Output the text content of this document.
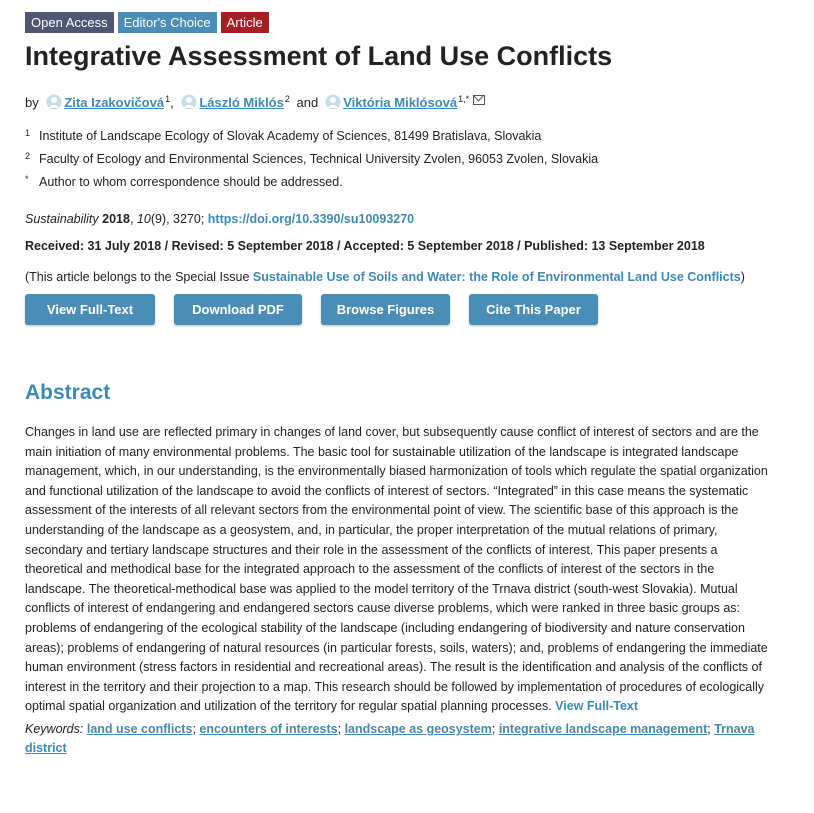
Open Access	Editor's Choice	Article
Integrative Assessment of Land Use Conflicts
by Zita Izakovičová$^1$, László Miklós$^2$ and Viktória Miklósová$^{1,*}$
1 Institute of Landscape Ecology of Slovak Academy of Sciences, 81499 Bratislava, Slovakia
2 Faculty of Ecology and Environmental Sciences, Technical University Zvolen, 96053 Zvolen, Slovakia
* Author to whom correspondence should be addressed.
Sustainability 2018, 10(9), 3270; https://doi.org/10.3390/su10093270
Received: 31 July 2018 / Revised: 5 September 2018 / Accepted: 5 September 2018 / Published: 13 September 2018
(This article belongs to the Special Issue Sustainable Use of Soils and Water: the Role of Environmental Land Use Conflicts)
View Full-Text	Download PDF	Browse Figures	Cite This Paper
Abstract
Changes in land use are reflected primary in changes of land cover, but subsequently cause conflict of interest of sectors and are the main initiation of many environmental problems. The basic tool for sustainable utilization of the landscape is integrated landscape management, which, in our understanding, is the environmentally biased harmonization of tools which regulate the spatial organization and functional utilization of the landscape to avoid the conflicts of interest of sectors. “Integrated” in this case means the systematic assessment of the interests of all relevant sectors from the environmental point of view. The scientific base of this approach is the understanding of the landscape as a geosystem, and, in particular, the proper interpretation of the mutual relations of primary, secondary and tertiary landscape structures and their role in the assessment of the conflicts of interest. This paper presents a theoretical and methodical base for the integrated approach to the assessment of the conflicts of interest of the sectors in the landscape. The theoretical-methodical base was applied to the model territory of the Trnava district (south-west Slovakia). Mutual conflicts of interest of endangering and endangered sectors cause diverse problems, which were ranked in three basic groups as: problems of endangering of the ecological stability of the landscape (including endangering of biodiversity and nature conservation areas); problems of endangering of natural resources (in particular forests, soils, waters); and, problems of endangering the immediate human environment (stress factors in residential and recreational areas). The result is the identification and analysis of the conflicts of interest in the territory and their projection to a map. This research should be followed by implementation of procedures of ecologically optimal spatial organization and utilization of the territory for regular spatial planning processes. View Full-Text
Keywords: land use conflicts; encounters of interests; landscape as geosystem; integrative landscape management; Trnava district
